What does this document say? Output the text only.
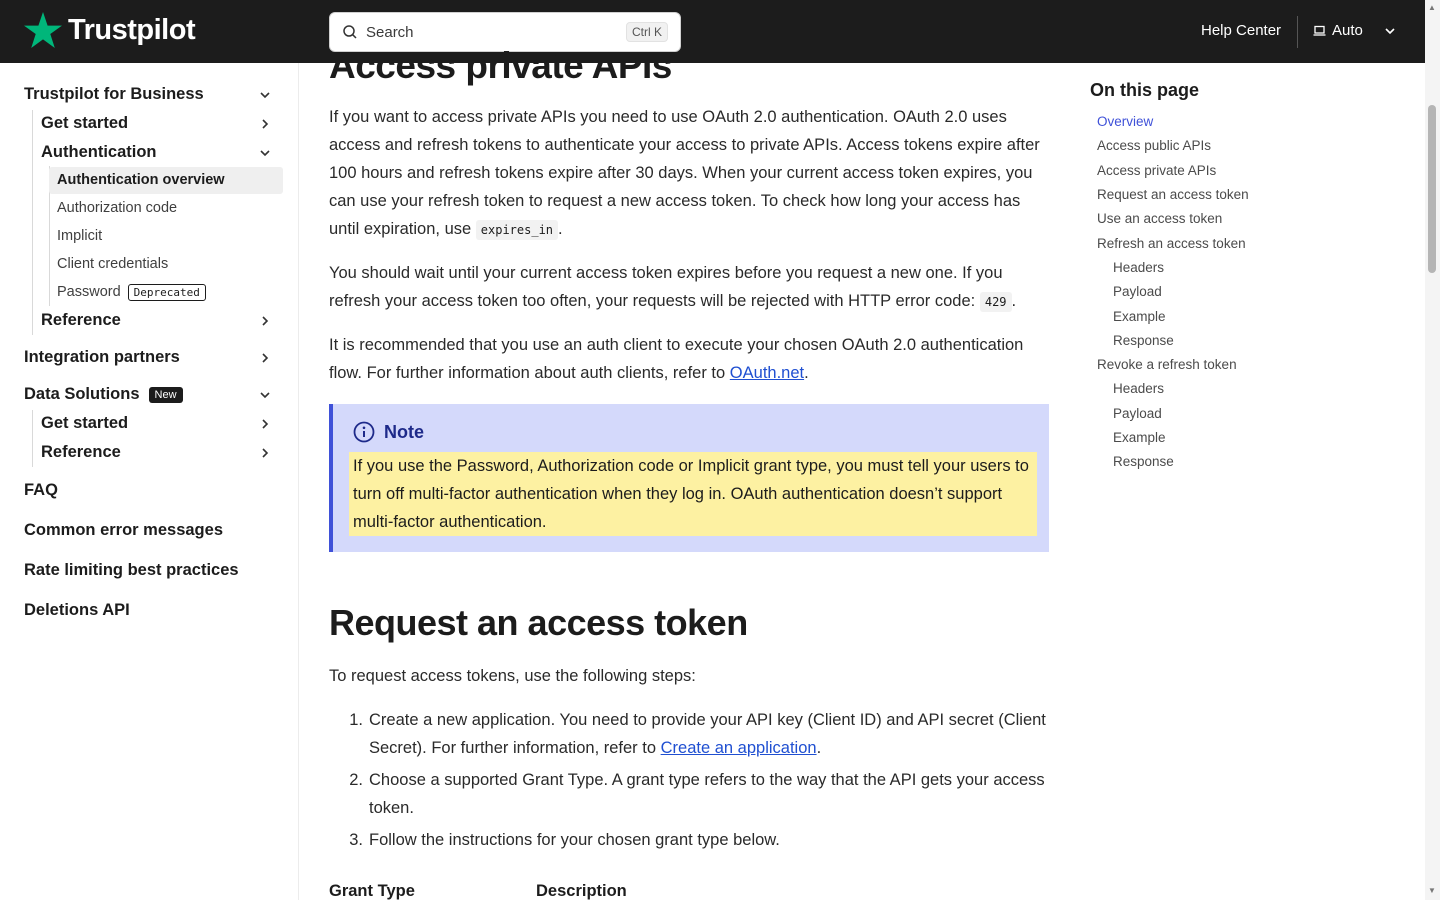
Trustpilot	Search	Ctrl K	Help Center	Auto
▲
▼
Trustpilot for Business
Get started
Authentication
Authentication overview
Authorization code
Implicit
Client credentials
Password Deprecated
Reference
Integration partners
Data Solutions	New
Get started
Reference
FAQ
Common error messages
Rate limiting best practices
Deletions API
Access private APIs

If you want to access private APIs you need to use OAuth 2.0 authentication. OAuth 2.0 uses access and refresh tokens to authenticate your access to private APIs. Access tokens expire after 100 hours and refresh tokens expire after 30 days. When your current access token expires, you can use your refresh token to request a new access token. To check how long your access has until expiration, use expires_in .

You should wait until your current access token expires before you request a new one. If you refresh your access token too often, your requests will be rejected with HTTP error code: 429 .

It is recommended that you use an auth client to execute your chosen OAuth 2.0 authentication flow. For further information about auth clients, refer to OAuth.net.

Note
If you use the Password, Authorization code or Implicit grant type, you must tell your users to turn off multi-factor authentication when they log in. OAuth authentication doesn’t support multi-factor authentication.
Request an access token

To request access tokens, use the following steps:

1. Create a new application. You need to provide your API key (Client ID) and API secret (Client Secret). For further information, refer to Create an application.
2. Choose a supported Grant Type. A grant type refers to the way that the API gets your access token.
3. Follow the instructions for your chosen grant type below.
Grant Type	Description
On this page
Overview
Access public APIs
Access private APIs
Request an access token
Use an access token
Refresh an access token
Headers
Payload
Example
Response
Revoke a refresh token
Headers
Payload
Example
Response
